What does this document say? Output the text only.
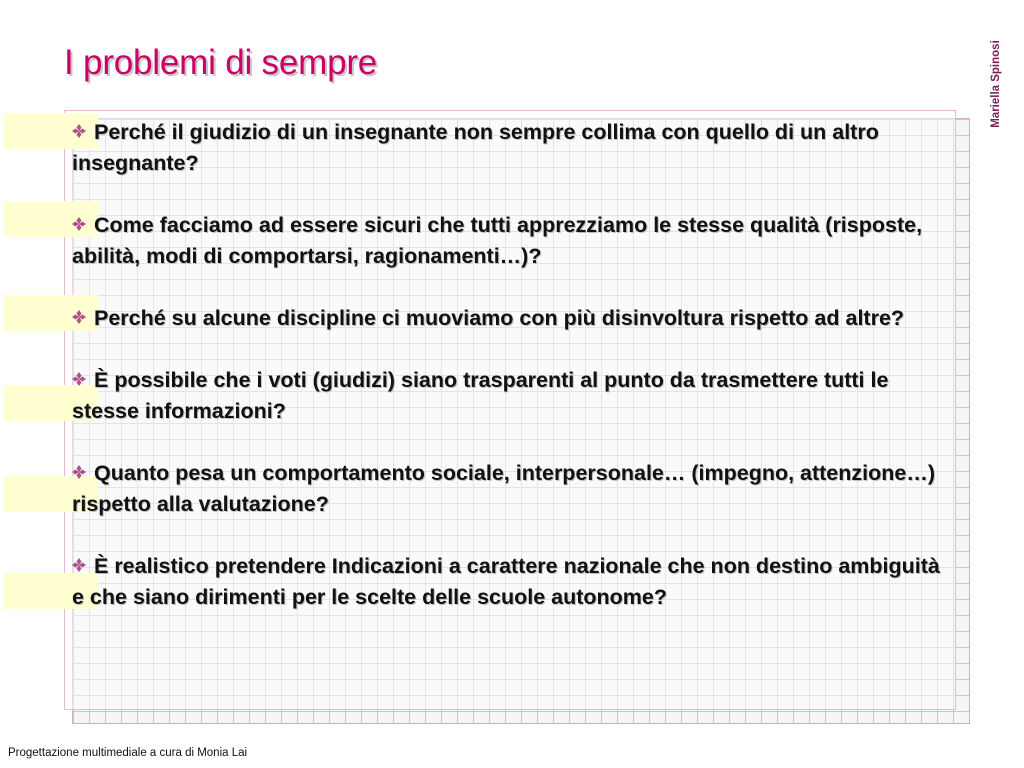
I problemi di sempre	Mariella Spinosi
Perché il giudizio di un insegnante non sempre collima con quello di un altro insegnante?
Come facciamo ad essere sicuri che tutti apprezziamo le stesse qualità (risposte, abilità, modi di comportarsi, ragionamenti…)?
Perché su alcune discipline ci muoviamo con più disinvoltura rispetto ad altre?
È possibile che i voti (giudizi) siano trasparenti al punto da trasmettere tutti le stesse informazioni?
Quanto pesa un comportamento sociale, interpersonale… (impegno, attenzione…) rispetto alla valutazione?
È realistico pretendere Indicazioni a carattere nazionale che non destino ambiguità e che siano dirimenti per le scelte delle scuole autonome?
Progettazione multimediale a cura di Monia Lai
